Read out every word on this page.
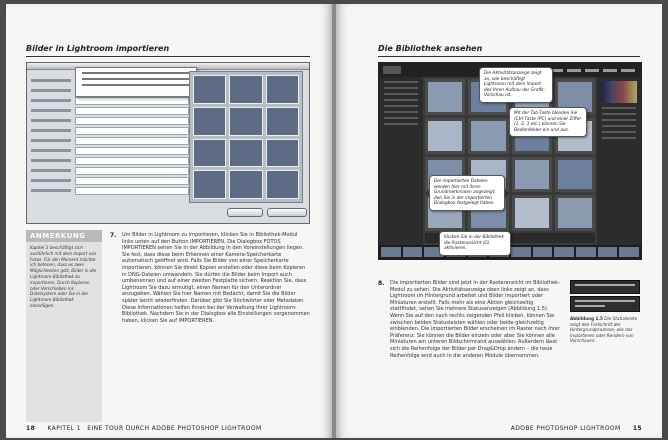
Bilder in Lightroom importieren
ANMERKUNG
Kapitel 3 beschäftigt sich ausführlich mit dem Import von Fotos. Für den Moment möchte ich betonen, dass es zwei Möglichkeiten gibt, Bilder in die Lightroom-Bibliothek zu importieren. Durch Kopieren oder Verschieben ins Dateisystem oder Sie in der Lightroom-Bibliothek einzufügen.
7. Um Bilder in Lightroom zu importieren, klicken Sie in Bibliothek-Modul links unten auf den Button IMPORTIEREN. Die Dialogbox FOTOS IMPORTIEREN sehen Sie in der Abbildung in den Voreinstellungen liegen. Sie fest, dass diese beim Erkennen einer Kamera-Speicherkarte automatisch geöffnet wird. Falls Sie Bilder von einer Speicherkarte importieren, können Sie direkt Kopien erstellen oder diese beim Kopieren in DNG-Dateien umwandeln. Sie dürfen die Bilder beim Import auch umbenennen und auf einer zweiten Festplatte sichern. Reaktion Sie, dass Lightroom Sie dazu ermutigt, einen Namen für den Unterordner anzugeben. Wählen Sie hier Namen mit Bedacht, damit Sie die Bilder später leicht wiederfinden. Darüber gibt Sie Stichwörter oder Metadaten. Diese Informationen helfen Ihnen bei der Verwaltung Ihrer Lightroom-Bibliothek. Nachdem Sie in der Dialogbox alle Einstellungen vorgenommen haben, klicken Sie auf IMPORTIEREN.
18 KAPITEL 1 EINE TOUR DURCH ADOBE PHOTOSHOP LIGHTROOM
Die Bibliothek ansehen
Die Aktivitätsanzeige zeigt an, wie beschäftigt Lightroom mit dem Import des Ihren Aufbau der Grafik-Vorschau ist.
Mit der Tab-Taste blenden Sie (Ctrl-Taste (PC) und einer Ziffer (1, 2, 3 etc.) können Sie Bedienfelder ein und aus.
Die importierten Dateien werden hier mit ihren Grundmerkmalen angezeigt, den Sie in der importierten Dialogbox festgelegt haben.
Klicken Sie in der Bibliothek die Rasteransicht (G) aktivieren.
8. Die importierten Bilder sind jetzt in der Rasteransicht im Bibliothek-Modul zu sehen. Die Aktivitätsanzeige oben links zeigt an, dass Lightroom im Hintergrund arbeitet und Bilder importiert oder Miniaturen erstellt. Falls mehr als eine Aktion gleichzeitig stattfindet, sehen Sie mehrere Statusanzeigen (Abbildung 1.5). Wenn Sie auf den nach rechts zeigenden Pfeil klicken, können Sie zwischen beiden Statusleisten wählen oder beide gleichzeitig einblenden. Die importierten Bilder erscheinen im Raster nach ihrer Präferenz. Sie können die Bilder einzeln oder aber Sie können alle Miniaturen am unteren Bildschirmrand auswählen. Außerdem lässt sich die Reihenfolge der Bilder per Drag&Drop ändern – die neue Reihenfolge wird auch in die anderen Module übernommen.
Abbildung 1.5 Die Statusleiste zeigt den Fortschritt der Hintergrundprozesse, wie das Importieren oder Rendern von Vorschauen.
ADOBE PHOTOSHOP LIGHTROOM 15
